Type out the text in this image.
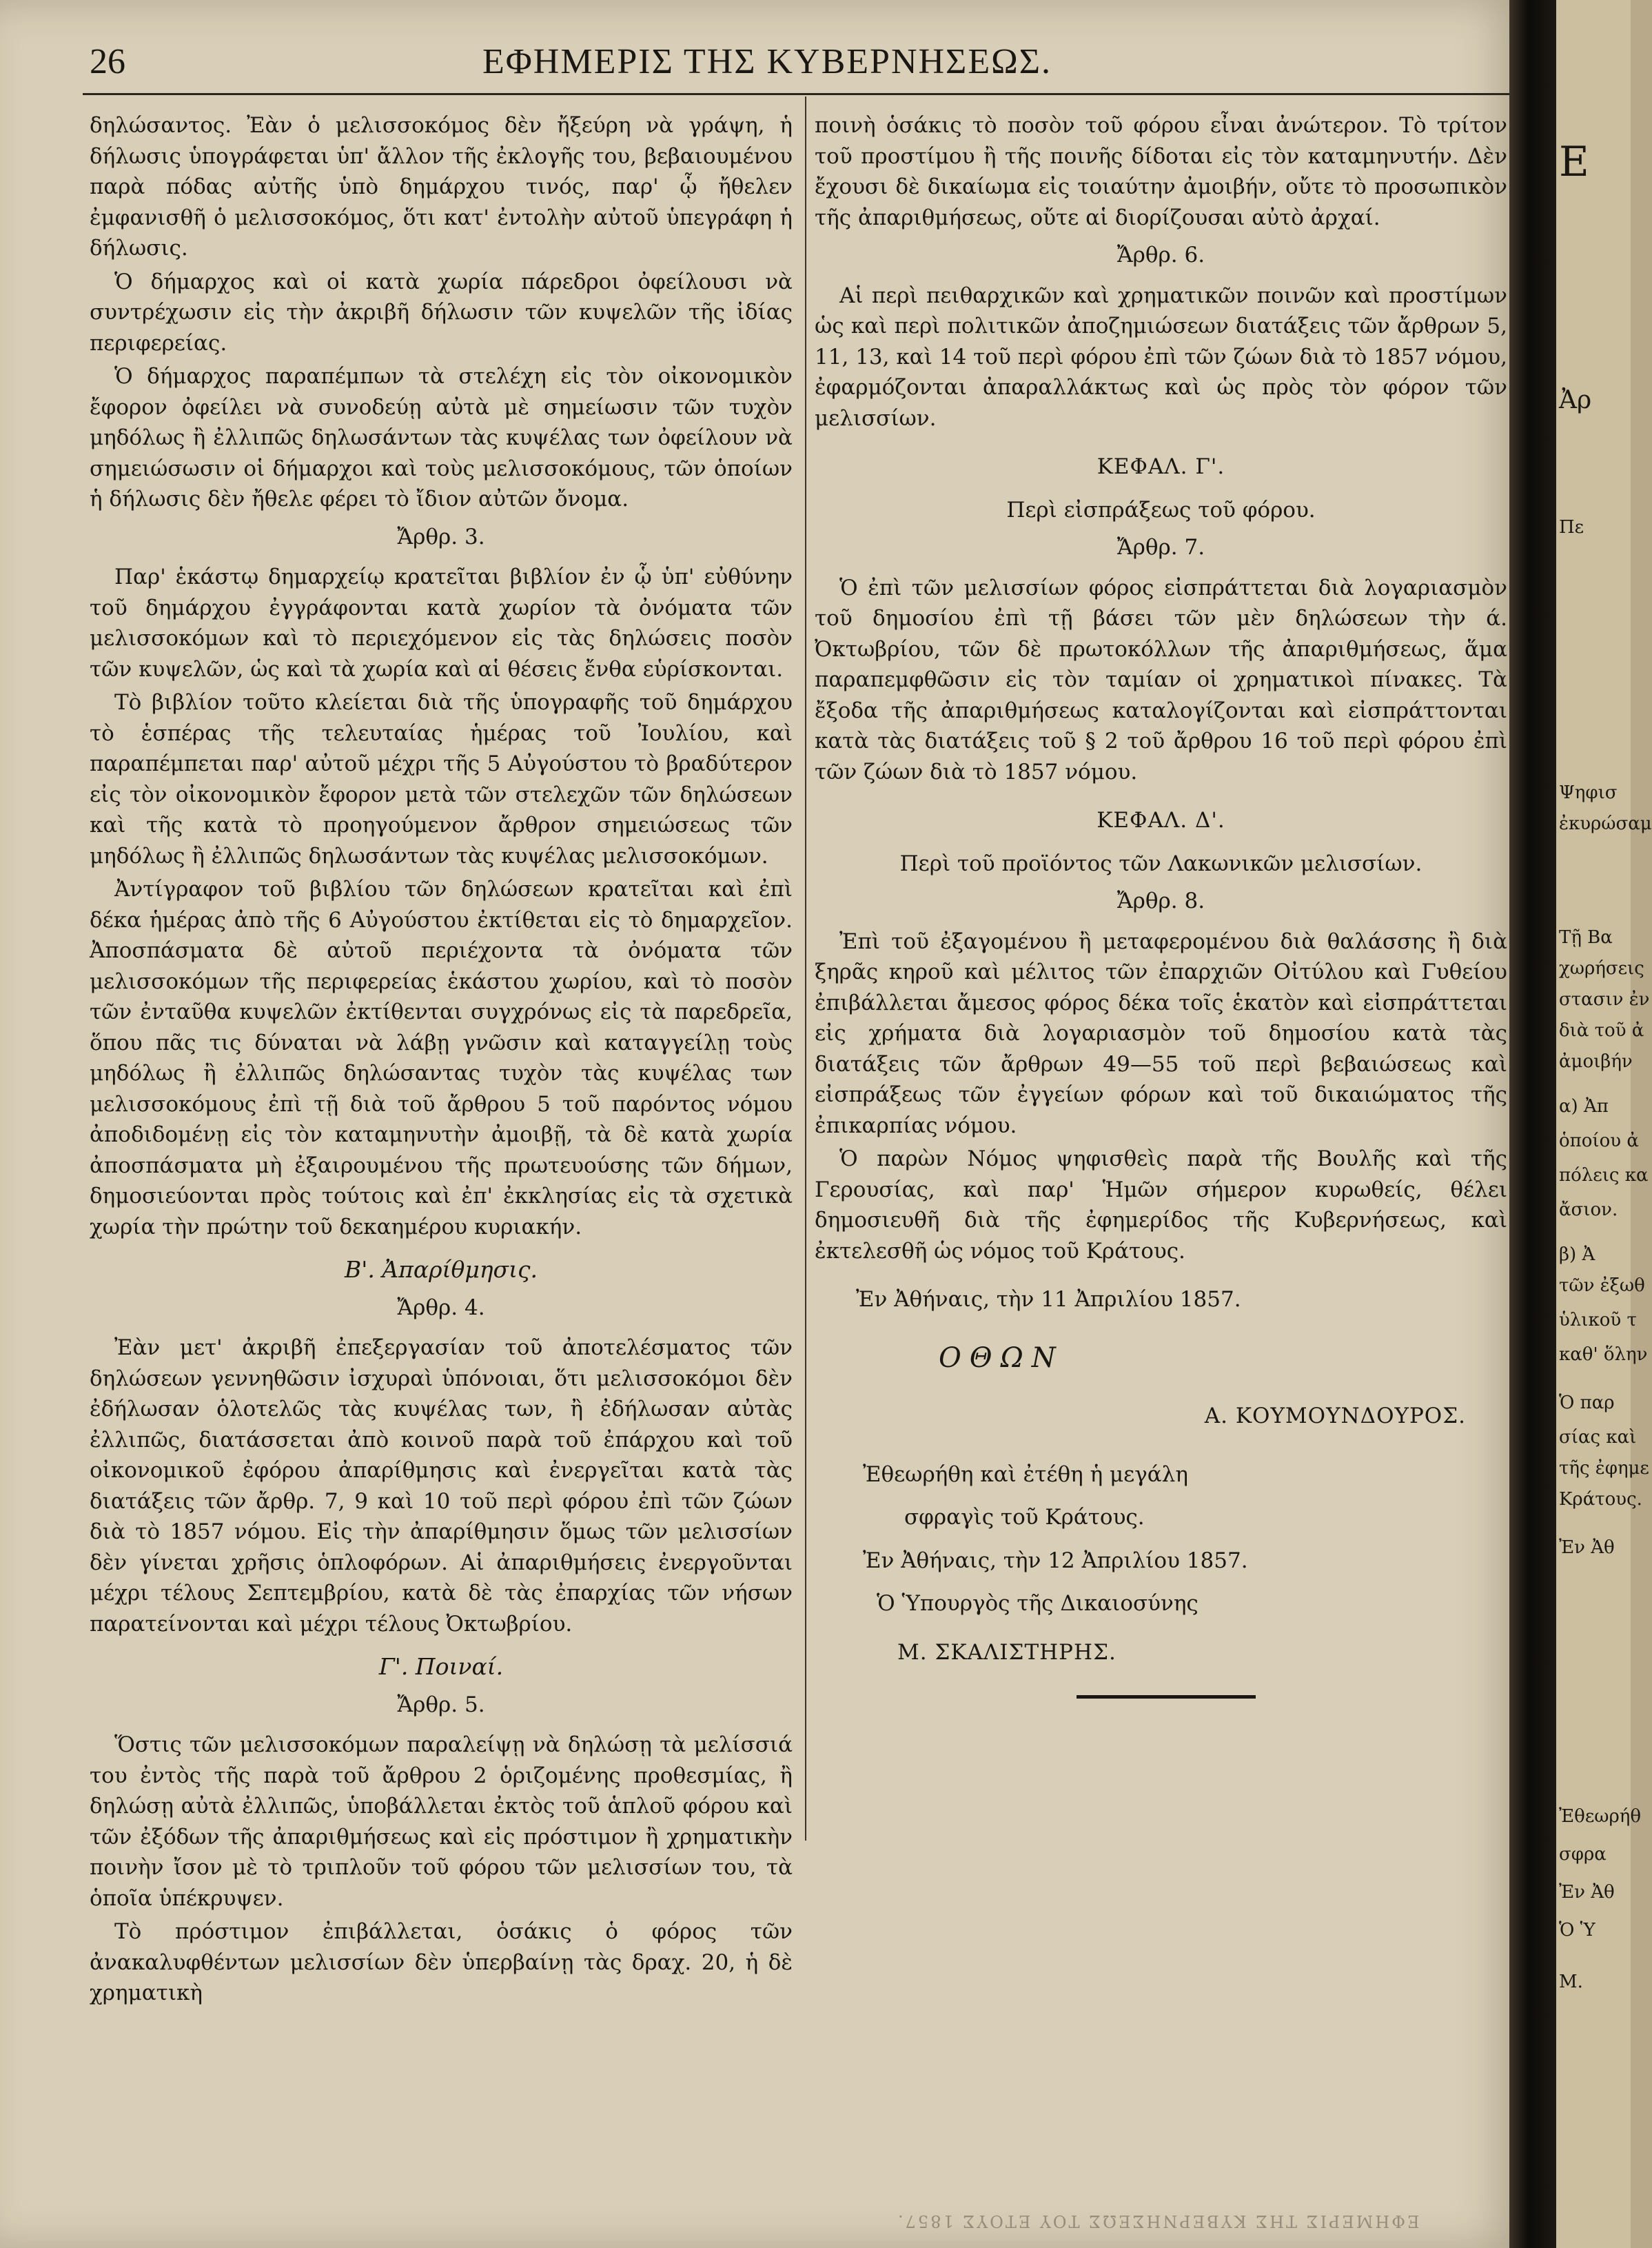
26	ΕΦΗΜΕΡΙΣ ΤΗΣ ΚΥΒΕΡΝΗΣΕΩΣ.

δηλώσαντος. Ἐὰν ὁ μελισσοκόμος δὲν ἤξεύρη νὰ γράψη, ἡ δήλωσις ὑπογράφεται ὑπ' ἄλλον τῆς ἐκλογῆς του, βεβαιουμένου παρὰ πόδας αὐτῆς ὑπὸ δημάρχου τινός, παρ' ᾧ ἤθελεν ἐμφανισθῆ ὁ μελισσοκόμος, ὅτι κατ' ἐντολὴν αὐτοῦ ὑπεγράφη ἡ δήλωσις.

Ὁ δήμαρχος καὶ οἱ κατὰ χωρία πάρεδροι ὀφείλουσι νὰ συντρέχωσιν εἰς τὴν ἀκριβῆ δήλωσιν τῶν κυψελῶν τῆς ἰδίας περιφερείας.

Ὁ δήμαρχος παραπέμπων τὰ στελέχη εἰς τὸν οἰκονομικὸν ἔφορον ὀφείλει νὰ συνοδεύῃ αὐτὰ μὲ σημείωσιν τῶν τυχὸν μηδόλως ἢ ἐλλιπῶς δηλωσάντων τὰς κυψέλας των ὀφείλουν νὰ σημειώσωσιν οἱ δήμαρχοι καὶ τοὺς μελισσοκόμους, τῶν ὁποίων ἡ δήλωσις δὲν ἤθελε φέρει τὸ ἴδιον αὐτῶν ὄνομα.

Ἄρθρ. 3.

Παρ' ἑκάστῳ δημαρχείῳ κρατεῖται βιβλίον ἐν ᾧ ὑπ' εὐθύνην τοῦ δημάρχου ἐγγράφονται κατὰ χωρίον τὰ ὀνόματα τῶν μελισσοκόμων καὶ τὸ περιεχόμενον εἰς τὰς δηλώσεις ποσὸν τῶν κυψελῶν, ὡς καὶ τὰ χωρία καὶ αἱ θέσεις ἔνθα εὑρίσκονται.

Τὸ βιβλίον τοῦτο κλείεται διὰ τῆς ὑπογραφῆς τοῦ δημάρχου τὸ ἑσπέρας τῆς τελευταίας ἡμέρας τοῦ Ἰουλίου, καὶ παραπέμπεται παρ' αὐτοῦ μέχρι τῆς 5 Αὐγούστου τὸ βραδύτερον εἰς τὸν οἰκονομικὸν ἔφορον μετὰ τῶν στελεχῶν τῶν δηλώσεων καὶ τῆς κατὰ τὸ προηγούμενον ἄρθρον σημειώσεως τῶν μηδόλως ἢ ἐλλιπῶς δηλωσάντων τὰς κυψέλας μελισσοκόμων.

Ἀντίγραφον τοῦ βιβλίου τῶν δηλώσεων κρατεῖται καὶ ἐπὶ δέκα ἡμέρας ἀπὸ τῆς 6 Αὐγούστου ἐκτίθεται εἰς τὸ δημαρχεῖον. Ἀποσπάσματα δὲ αὐτοῦ περιέχοντα τὰ ὀνόματα τῶν μελισσοκόμων τῆς περιφερείας ἑκάστου χωρίου, καὶ τὸ ποσὸν τῶν ἐνταῦθα κυψελῶν ἐκτίθενται συγχρόνως εἰς τὰ παρεδρεῖα, ὅπου πᾶς τις δύναται νὰ λάβῃ γνῶσιν καὶ καταγγείλῃ τοὺς μηδόλως ἢ ἐλλιπῶς δηλώσαντας τυχὸν τὰς κυψέλας των μελισσοκόμους ἐπὶ τῇ διὰ τοῦ ἄρθρου 5 τοῦ παρόντος νόμου ἀποδιδομένῃ εἰς τὸν καταμηνυτὴν ἀμοιβῇ, τὰ δὲ κατὰ χωρία ἀποσπάσματα μὴ ἐξαιρουμένου τῆς πρωτευούσης τῶν δήμων, δημοσιεύονται πρὸς τούτοις καὶ ἐπ' ἐκκλησίας εἰς τὰ σχετικὰ χωρία τὴν πρώτην τοῦ δεκαημέρου κυριακήν.

Β'. Ἀπαρίθμησις.
Ἄρθρ. 4.

Ἐὰν μετ' ἀκριβῆ ἐπεξεργασίαν τοῦ ἀποτελέσματος τῶν δηλώσεων γεννηθῶσιν ἰσχυραὶ ὑπόνοιαι, ὅτι μελισσοκόμοι δὲν ἐδήλωσαν ὁλοτελῶς τὰς κυψέλας των, ἢ ἐδήλωσαν αὐτὰς ἐλλιπῶς, διατάσσεται ἀπὸ κοινοῦ παρὰ τοῦ ἐπάρχου καὶ τοῦ οἰκονομικοῦ ἐφόρου ἀπαρίθμησις καὶ ἐνεργεῖται κατὰ τὰς διατάξεις τῶν ἄρθρ. 7, 9 καὶ 10 τοῦ περὶ φόρου ἐπὶ τῶν ζώων διὰ τὸ 1857 νόμου. Εἰς τὴν ἀπαρίθμησιν ὅμως τῶν μελισσίων δὲν γίνεται χρῆσις ὁπλοφόρων. Αἱ ἀπαριθμήσεις ἐνεργοῦνται μέχρι τέλους Σεπτεμβρίου, κατὰ δὲ τὰς ἐπαρχίας τῶν νήσων παρατείνονται καὶ μέχρι τέλους Ὀκτωβρίου.

Γ'. Ποιναί.
Ἄρθρ. 5.

Ὅστις τῶν μελισσοκόμων παραλείψῃ νὰ δηλώσῃ τὰ μελίσσιά του ἐντὸς τῆς παρὰ τοῦ ἄρθρου 2 ὁριζομένης προθεσμίας, ἢ δηλώσῃ αὐτὰ ἐλλιπῶς, ὑποβάλλεται ἐκτὸς τοῦ ἁπλοῦ φόρου καὶ τῶν ἐξόδων τῆς ἀπαριθμήσεως καὶ εἰς πρόστιμον ἢ χρηματικὴν ποινὴν ἴσον μὲ τὸ τριπλοῦν τοῦ φόρου τῶν μελισσίων του, τὰ ὁποῖα ὑπέκρυψεν.

Τὸ πρόστιμον ἐπιβάλλεται, ὁσάκις ὁ φόρος τῶν ἀνακαλυφθέντων μελισσίων δὲν ὑπερβαίνῃ τὰς δραχ. 20, ἡ δὲ χρηματικὴ

ποινὴ ὁσάκις τὸ ποσὸν τοῦ φόρου εἶναι ἀνώτερον. Τὸ τρίτον τοῦ προστίμου ἢ τῆς ποινῆς δίδοται εἰς τὸν καταμηνυτήν. Δὲν ἔχουσι δὲ δικαίωμα εἰς τοιαύτην ἀμοιβήν, οὔτε τὸ προσωπικὸν τῆς ἀπαριθμήσεως, οὔτε αἱ διορίζουσαι αὐτὸ ἀρχαί.

Ἄρθρ. 6.

Αἱ περὶ πειθαρχικῶν καὶ χρηματικῶν ποινῶν καὶ προστίμων ὡς καὶ περὶ πολιτικῶν ἀποζημιώσεων διατάξεις τῶν ἄρθρων 5, 11, 13, καὶ 14 τοῦ περὶ φόρου ἐπὶ τῶν ζώων διὰ τὸ 1857 νόμου, ἐφαρμόζονται ἀπαραλλάκτως καὶ ὡς πρὸς τὸν φόρον τῶν μελισσίων.

ΚΕΦΑΛ. Γ'.
Περὶ εἰσπράξεως τοῦ φόρου.
Ἄρθρ. 7.

Ὁ ἐπὶ τῶν μελισσίων φόρος εἰσπράττεται διὰ λογαριασμὸν τοῦ δημοσίου ἐπὶ τῇ βάσει τῶν μὲν δηλώσεων τὴν ά. Ὀκτωβρίου, τῶν δὲ πρωτοκόλλων τῆς ἀπαριθμήσεως, ἅμα παραπεμφθῶσιν εἰς τὸν ταμίαν οἱ χρηματικοὶ πίνακες. Τὰ ἔξοδα τῆς ἀπαριθμήσεως καταλογίζονται καὶ εἰσπράττονται κατὰ τὰς διατάξεις τοῦ § 2 τοῦ ἄρθρου 16 τοῦ περὶ φόρου ἐπὶ τῶν ζώων διὰ τὸ 1857 νόμου.

ΚΕΦΑΛ. Δ'.
Περὶ τοῦ προϊόντος τῶν Λακωνικῶν μελισσίων.
Ἄρθρ. 8.

Ἐπὶ τοῦ ἐξαγομένου ἢ μεταφερομένου διὰ θαλάσσης ἢ διὰ ξηρᾶς κηροῦ καὶ μέλιτος τῶν ἐπαρχιῶν Οἰτύλου καὶ Γυθείου ἐπιβάλλεται ἄμεσος φόρος δέκα τοῖς ἑκατὸν καὶ εἰσπράττεται εἰς χρήματα διὰ λογαριασμὸν τοῦ δημοσίου κατὰ τὰς διατάξεις τῶν ἄρθρων 49—55 τοῦ περὶ βεβαιώσεως καὶ εἰσπράξεως τῶν ἐγγείων φόρων καὶ τοῦ δικαιώματος τῆς ἐπικαρπίας νόμου.

Ὁ παρὼν Νόμος ψηφισθεὶς παρὰ τῆς Βουλῆς καὶ τῆς Γερουσίας, καὶ παρ' Ἡμῶν σήμερον κυρωθείς, θέλει δημοσιευθῆ διὰ τῆς ἐφημερίδος τῆς Κυβερνήσεως, καὶ ἐκτελεσθῆ ὡς νόμος τοῦ Κράτους.

Ἐν Ἀθήναις, τὴν 11 Ἀπριλίου 1857.

ΟΘΩΝ
Α. ΚΟΥΜΟΥΝΔΟΥΡΟΣ.
Ἐθεωρήθη καὶ ἐτέθη ἡ μεγάλη
σφραγὶς τοῦ Κράτους.
Ἐν Ἀθήναις, τὴν 12 Ἀπριλίου 1857.
Ὁ Ὑπουργὸς τῆς Δικαιοσύνης
Μ. ΣΚΑΛΙΣΤΗΡΗΣ.
ΕΦΗΜΕΡΙΣ ΤΗΣ ΚΥΒΕΡΝΗΣΕΩΣ ΤΟΥ ΕΤΟΥΣ 1857.
Ε
Ἀρ
Πε
Ψηφισ
ἐκυρώσαμ
Τῇ Βα
χωρήσεις
στασιν ἐν
διὰ τοῦ ἀ
ἀμοιβήν
α) Ἀπ
ὁποίου ἀ
πόλεις κα
ἄσιον.
β) Ἀ
τῶν ἐξωθ
ὑλικοῦ τ
καθ' ὅλην
Ὁ παρ
σίας καὶ
τῆς ἐφημε
Κράτους.
Ἐν Ἀθ
Ἐθεωρήθ
σφρα
Ἐν Ἀθ
Ὁ Ὑ
Μ.
